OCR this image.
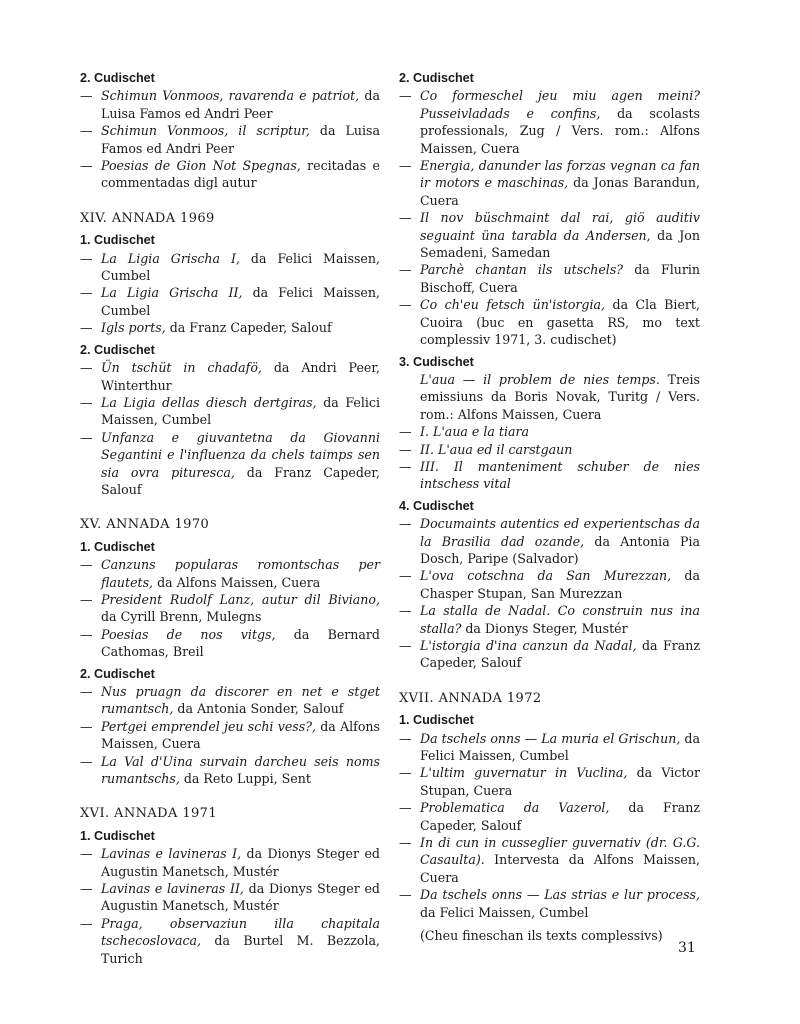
2. Cudischet
— Schimun Vonmoos, ravarenda e patriot, da Luisa Famos ed Andri Peer
— Schimun Vonmoos, il scriptur, da Luisa Famos ed Andri Peer
— Poesias de Gion Not Spegnas, recitadas e commentadas digl autur
XIV. ANNADA 1969
1. Cudischet
— La Ligia Grischa I, da Felici Maissen, Cumbel
— La Ligia Grischa II, da Felici Maissen, Cumbel
— Igls ports, da Franz Capeder, Salouf
2. Cudischet
— Ün tschüt in chadafö, da Andri Peer, Winterthur
— La Ligia dellas diesch dertgiras, da Felici Maissen, Cumbel
— Unfanza e giuvantetna da Giovanni Segantini e l'influenza da chels taimps sen sia ovra pituresca, da Franz Capeder, Salouf
XV. ANNADA 1970
1. Cudischet
— Canzuns popularas romontschas per flautets, da Alfons Maissen, Cuera
— President Rudolf Lanz, autur dil Biviano, da Cyrill Brenn, Mulegns
— Poesias de nos vitgs, da Bernard Cathomas, Breil
2. Cudischet
— Nus pruagn da discorer en net e stget rumantsch, da Antonia Sonder, Salouf
— Pertgei emprendel jeu schi vess?, da Alfons Maissen, Cuera
— La Val d'Uina survain darcheu seis noms rumantschs, da Reto Luppi, Sent
XVI. ANNADA 1971
1. Cudischet
— Lavinas e lavineras I, da Dionys Steger ed Augustin Manetsch, Mustér
— Lavinas e lavineras II, da Dionys Steger ed Augustin Manetsch, Mustér
— Praga, observaziun illa chapitala tschecoslovaca, da Burtel M. Bezzola, Turich
2. Cudischet
— Co formeschel jeu miu agen meini? Pusseivladads e confins, da scolasts professionals, Zug / Vers. rom.: Alfons Maissen, Cuera
— Energia, danunder las forzas vegnan ca fan ir motors e maschinas, da Jonas Barandun, Cuera
— Il nov büschmaint dal rai, giö auditiv seguaint üna tarabla da Andersen, da Jon Semadeni, Samedan
— Parchè chantan ils utschels? da Flurin Bischoff, Cuera
— Co ch'eu fetsch ün'istorgia, da Cla Biert, Cuoira (buc en gasetta RS, mo text complessiv 1971, 3. cudischet)
3. Cudischet
L'aua — il problem de nies temps. Treis emissiuns da Boris Novak, Turitg / Vers. rom.: Alfons Maissen, Cuera
— I. L'aua e la tiara
— II. L'aua ed il carstgaun
— III. Il manteniment schuber de nies intschess vital
4. Cudischet
— Documaints autentics ed experientschas da la Brasilia dad ozande, da Antonia Pia Dosch, Paripe (Salvador)
— L'ova cotschna da San Murezzan, da Chasper Stupan, San Murezzan
— La stalla de Nadal. Co construin nus ina stalla? da Dionys Steger, Mustér
— L'istorgia d'ina canzun da Nadal, da Franz Capeder, Salouf
XVII. ANNADA 1972
1. Cudischet
— Da tschels onns — La muria el Grischun, da Felici Maissen, Cumbel
— L'ultim guvernatur in Vuclina, da Victor Stupan, Cuera
— Problematica da Vazerol, da Franz Capeder, Salouf
— In di cun in cusseglier guvernativ (dr. G.G. Casaulta). Intervesta da Alfons Maissen, Cuera
— Da tschels onns — Las strias e lur process, da Felici Maissen, Cumbel
(Cheu fineschan ils texts complessivs)
31
